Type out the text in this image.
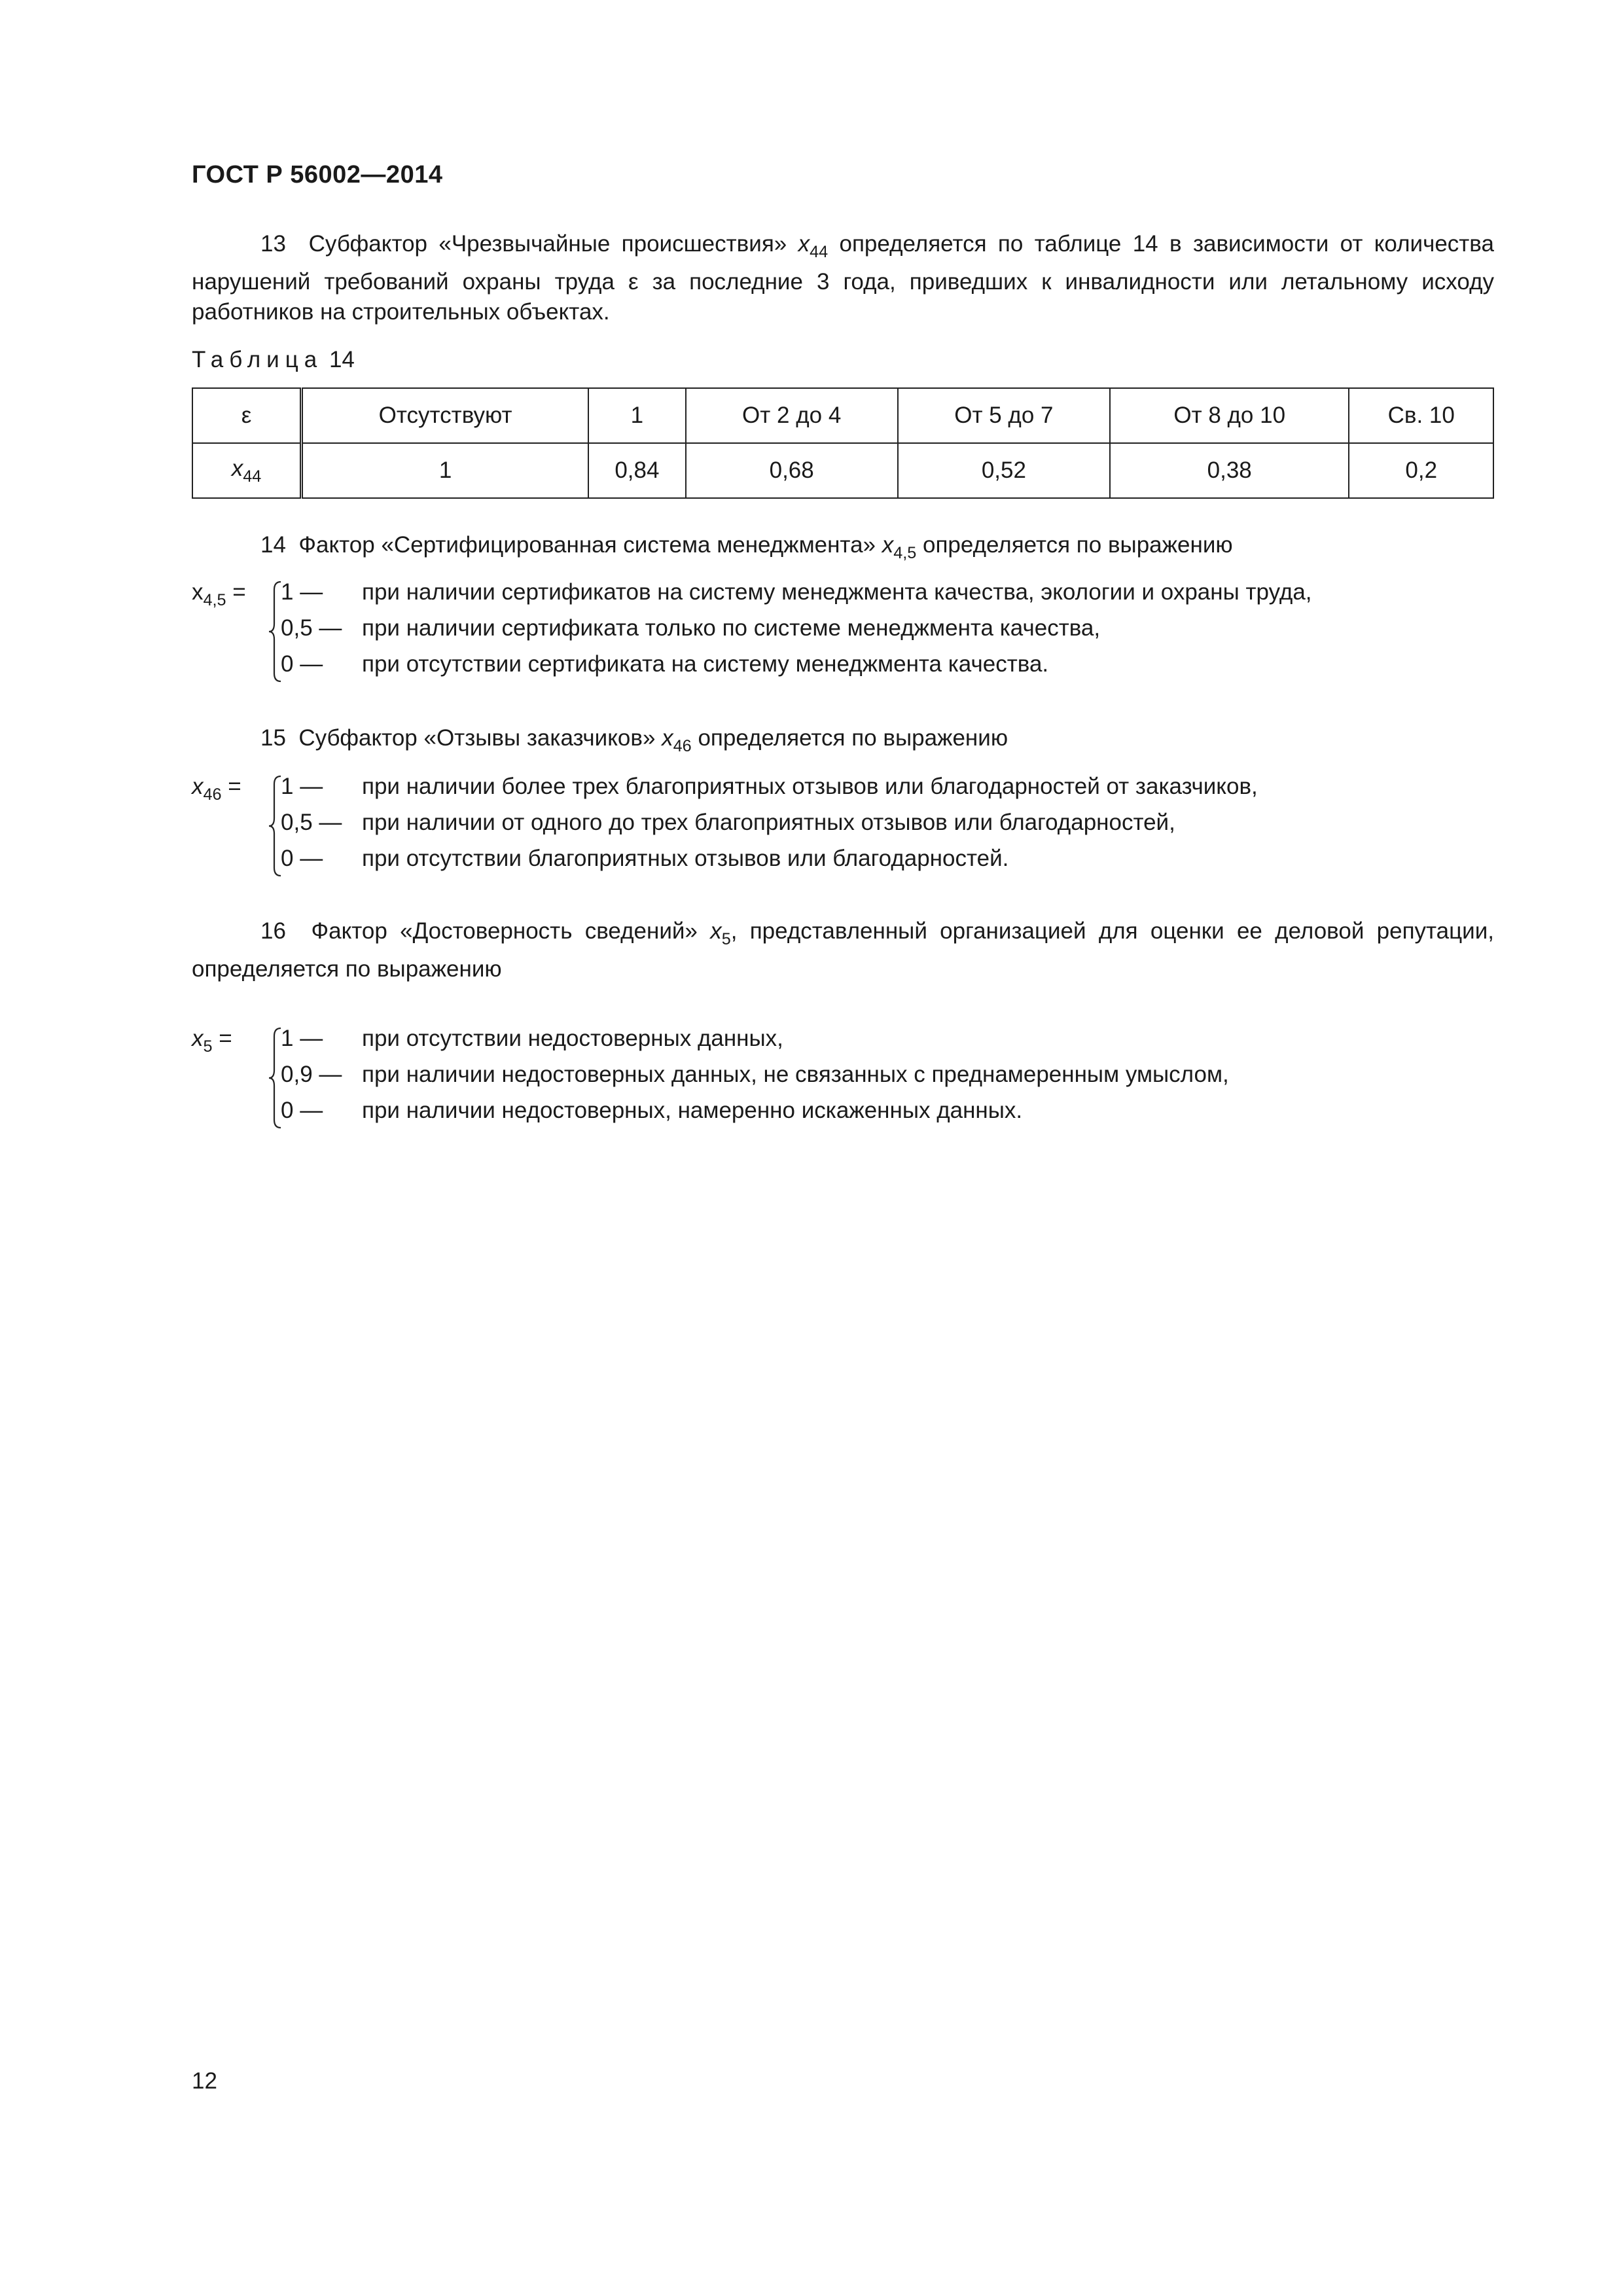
ГОСТ Р 56002—2014
13 Субфактор «Чрезвычайные происшествия» $x_{44}$ определяется по таблице 14 в зависимости от количества нарушений требований охраны труда ε за последние 3 года, приведших к инвалидности или летальному исходу работников на строительных объектах.
Таблица 14
ε	Отсутствуют	1	От 2 до 4	От 5 до 7	От 8 до 10	Св. 10
$x_{44}$	1	0,84	0,68	0,52	0,38	0,2
14 Фактор «Сертифицированная система менеджмента» $x_{4,5}$ определяется по выражению
$x_{4,5} = 1$ —	при наличии сертификатов на систему менеджмента качества, экологии и охраны труда,
0,5 — при наличии сертификата только по системе менеджмента качества,
0 —	при отсутствии сертификата на систему менеджмента качества.
15 Субфактор «Отзывы заказчиков» $x_{46}$ определяется по выражению
$x_{46} = 1$ —	при наличии более трех благоприятных отзывов или благодарностей от заказчиков,
0,5 — при наличии от одного до трех благоприятных отзывов или благодарностей,
0 —	при отсутствии благоприятных отзывов или благодарностей.
16 Фактор «Достоверность сведений» $x_5$, представленный организацией для оценки ее деловой репутации, определяется по выражению
$x_5 = 1$ —	при отсутствии недостоверных данных,
0,9 — при наличии недостоверных данных, не связанных с преднамеренным умыслом,
0 —	при наличии недостоверных, намеренно искаженных данных.
12
